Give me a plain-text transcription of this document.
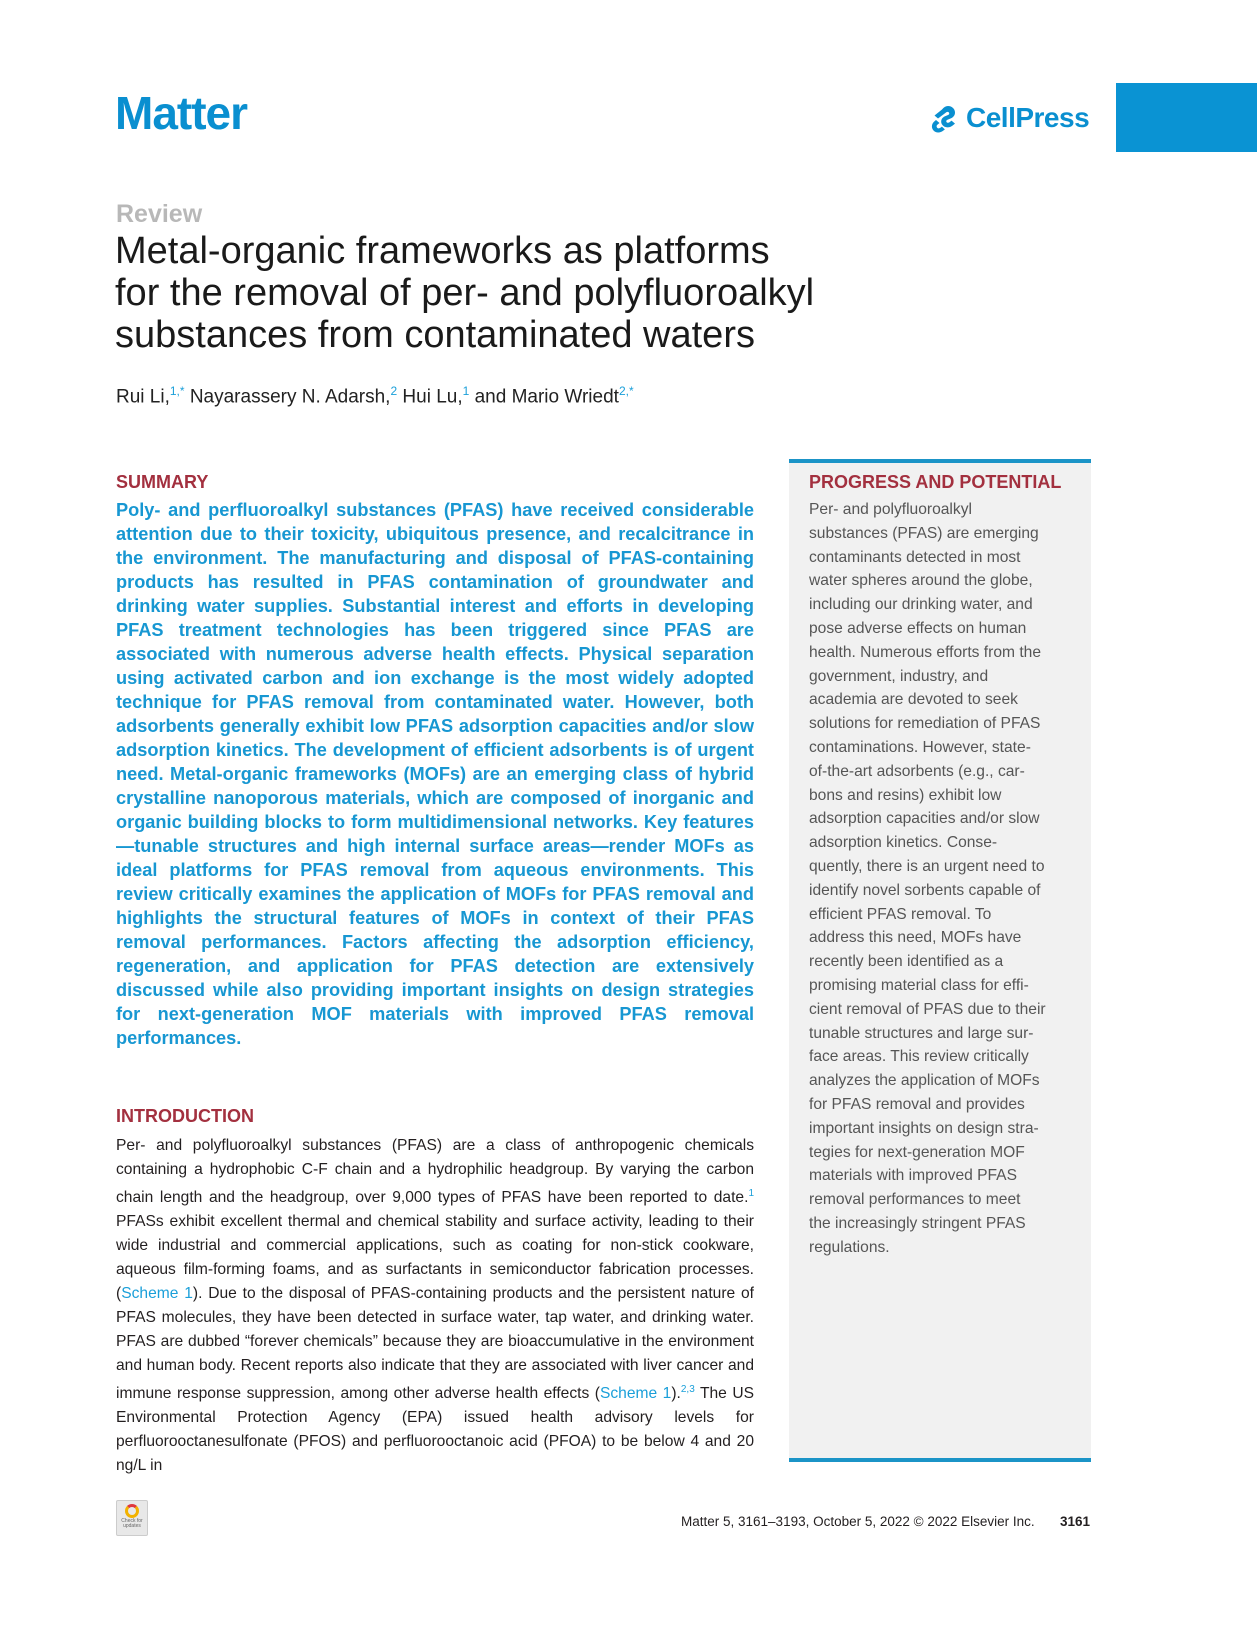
Matter	CellPress
Review
Metal-organic frameworks as platforms
for the removal of per- and polyfluoroalkyl
substances from contaminated waters
Rui Li,$^{1,*}$ Nayarassery N. Adarsh,$^2$ Hui Lu,$^1$ and Mario Wriedt$^{2,*}$
SUMMARY
Poly- and perfluoroalkyl substances (PFAS) have received considerable attention due to their toxicity, ubiquitous presence, and recalcitrance in the environment. The manufacturing and disposal of PFAS-containing products has resulted in PFAS contamination of groundwater and drinking water supplies. Substantial interest and efforts in developing PFAS treatment technologies has been triggered since PFAS are associated with numerous adverse health effects. Physical separation using activated carbon and ion exchange is the most widely adopted technique for PFAS removal from contaminated water. However, both adsorbents generally exhibit low PFAS adsorption capacities and/or slow adsorption kinetics. The development of efficient adsorbents is of urgent need. Metal-organic frameworks (MOFs) are an emerging class of hybrid crystalline nanoporous materials, which are composed of inorganic and organic building blocks to form multidimensional networks. Key features—tunable structures and high internal surface areas—render MOFs as ideal platforms for PFAS removal from aqueous environments. This review critically examines the application of MOFs for PFAS removal and highlights the structural features of MOFs in context of their PFAS removal performances. Factors affecting the adsorption efficiency, regeneration, and application for PFAS detection are extensively discussed while also providing important insights on design strategies for next-generation MOF materials with improved PFAS removal performances.
INTRODUCTION
Per- and polyfluoroalkyl substances (PFAS) are a class of anthropogenic chemicals containing a hydrophobic C-F chain and a hydrophilic headgroup. By varying the carbon chain length and the headgroup, over 9,000 types of PFAS have been reported to date.$^1$ PFASs exhibit excellent thermal and chemical stability and surface activity, leading to their wide industrial and commercial applications, such as coating for non-stick cookware, aqueous film-forming foams, and as surfactants in semiconductor fabrication processes. (Scheme 1). Due to the disposal of PFAS-containing products and the persistent nature of PFAS molecules, they have been detected in surface water, tap water, and drinking water. PFAS are dubbed “forever chemicals” because they are bioaccumulative in the environment and human body. Recent reports also indicate that they are associated with liver cancer and immune response suppression, among other adverse health effects (Scheme 1).$^{2,3}$ The US Environmental Protection Agency (EPA) issued health advisory levels for perfluorooctanesulfonate (PFOS) and perfluorooctanoic acid (PFOA) to be below 4 and 20 ng/L in
PROGRESS AND POTENTIAL
Per- and polyfluoroalkyl
substances (PFAS) are emerging
contaminants detected in most
water spheres around the globe,
including our drinking water, and
pose adverse effects on human
health. Numerous efforts from the
government, industry, and
academia are devoted to seek
solutions for remediation of PFAS
contaminations. However, state-
of-the-art adsorbents (e.g., car-
bons and resins) exhibit low
adsorption capacities and/or slow
adsorption kinetics. Conse-
quently, there is an urgent need to
identify novel sorbents capable of
efficient PFAS removal. To
address this need, MOFs have
recently been identified as a
promising material class for effi-
cient removal of PFAS due to their
tunable structures and large sur-
face areas. This review critically
analyzes the application of MOFs
for PFAS removal and provides
important insights on design stra-
tegies for next-generation MOF
materials with improved PFAS
removal performances to meet
the increasingly stringent PFAS
regulations.
Check for updates	Matter 5, 3161–3193, October 5, 2022 © 2022 Elsevier Inc. 3161
